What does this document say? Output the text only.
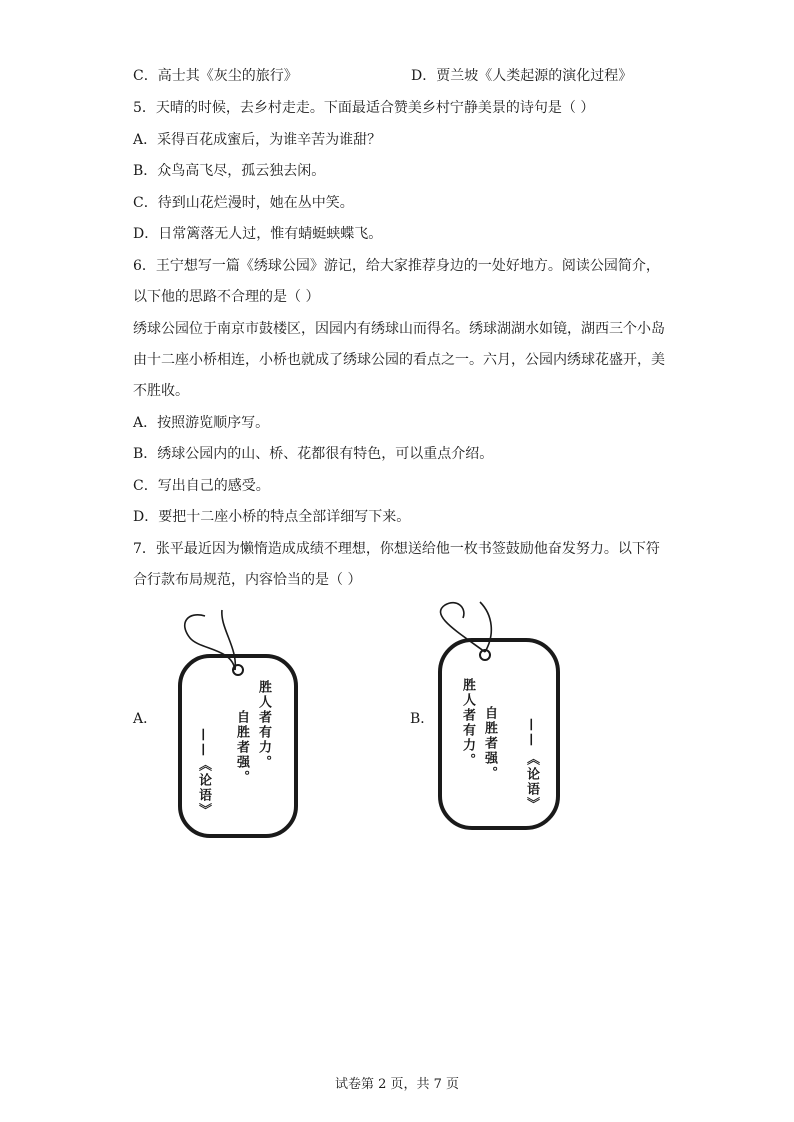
C．高士其《灰尘的旅行》	D．贾兰坡《人类起源的演化过程》
5．天晴的时候，去乡村走走。下面最适合赞美乡村宁静美景的诗句是（ ）
A．采得百花成蜜后，为谁辛苦为谁甜？
B．众鸟高飞尽，孤云独去闲。
C．待到山花烂漫时，她在丛中笑。
D．日常篱落无人过，惟有蜻蜓蛱蝶飞。
6．王宁想写一篇《绣球公园》游记，给大家推荐身边的一处好地方。阅读公园简介，
以下他的思路不合理的是（ ）
绣球公园位于南京市鼓楼区，因园内有绣球山而得名。绣球湖湖水如镜，湖西三个小岛
由十二座小桥相连，小桥也就成了绣球公园的看点之一。六月，公园内绣球花盛开，美
不胜收。
A．按照游览顺序写。
B．绣球公园内的山、桥、花都很有特色，可以重点介绍。
C．写出自己的感受。
D．要把十二座小桥的特点全部详细写下来。
7．张平最近因为懒惰造成成绩不理想，你想送给他一枚书签鼓励他奋发努力。以下符
合行款布局规范，内容恰当的是（ ）
A．	胜人者有力。
自胜者强。
——
《论语》
B． 胜人者有力。 自胜者强。 ——
《论语》
试卷第 2 页，共 7 页
